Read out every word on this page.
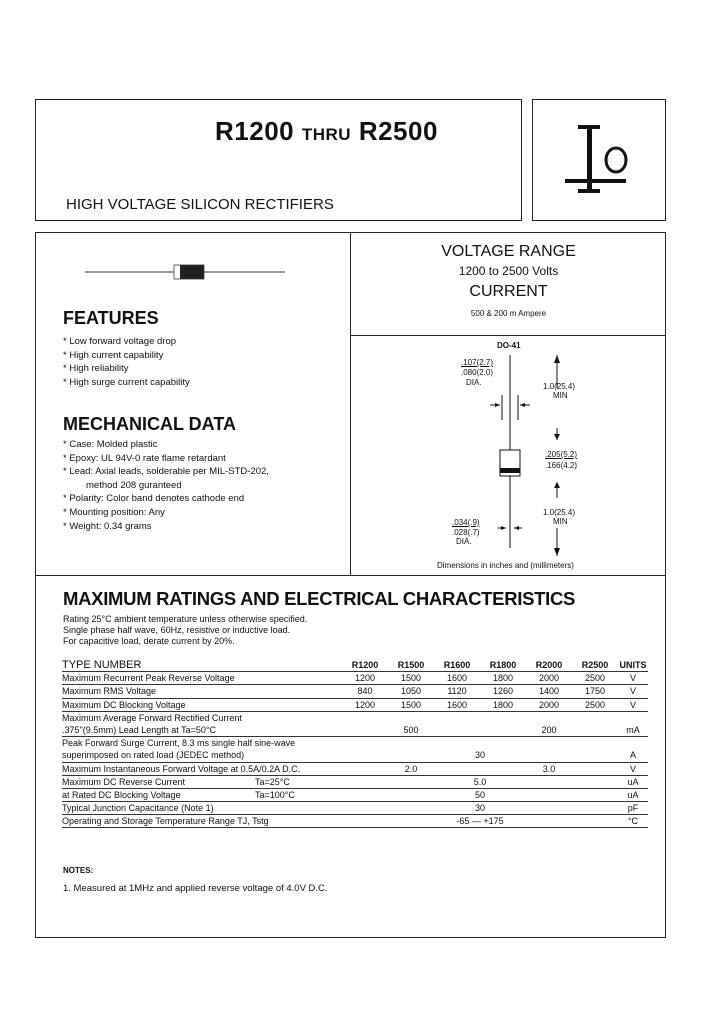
R1200 THRU R2500
HIGH VOLTAGE SILICON RECTIFIERS
FEATURES
* Low forward voltage drop
* High current capability
* High reliability
* High surge current capability
MECHANICAL DATA
* Case: Molded plastic
* Epoxy: UL 94V-0 rate flame retardant
* Lead: Axial leads, solderable per MIL-STD-202,
method 208 guranteed
* Polarity: Color band denotes cathode end
* Mounting position: Any
* Weight: 0.34 grams
VOLTAGE RANGE
1200 to 2500 Volts
CURRENT
500 & 200 m Ampere
DO-41
.107(2.7)
.080(2.0)
DIA.	1.0(25.4)
MIN
.205(5.2)
.166(4.2)
1.0(25.4)
MIN
.034(.9)
.028(.7)
DIA.
Dimensions in inches and (millimeters)
MAXIMUM RATINGS AND ELECTRICAL CHARACTERISTICS
Rating 25°C ambient temperature unless otherwise specified.
Single phase half wave, 60Hz, resistive or inductive load.
For capacitive load, derate current by 20%.
TYPE NUMBER	R1200	R1500	R1600	R1800	R2000	R2500	UNITS
Maximum Recurrent Peak Reverse Voltage	1200	1500	1600	1800	2000	2500	V
Maximum RMS Voltage	840	1050	1120	1260	1400	1750	V
Maximum DC Blocking Voltage	1200	1500	1600	1800	2000	2500	V
Maximum Average Forward Rectified Current							
.375"(9.5mm) Lead Length at Ta=50°C	500			200			mA
Peak Forward Surge Current, 8.3 ms single half sine-wave							
superimposed on rated load (JEDEC method)	30						A
Maximum Instantaneous Forward Voltage at 0.5A/0.2A D.C.	2.0			3.0			V
Maximum DC Reverse Current Ta=25°C	5.0						uA
at Rated DC Blocking Voltage Ta=100°C	50						uA
Typical Junction Capacitance (Note 1)	30						pF
Operating and Storage Temperature Range TJ, Tstg	-65 — +175						°C
NOTES:
1. Measured at 1MHz and applied reverse voltage of 4.0V D.C.
